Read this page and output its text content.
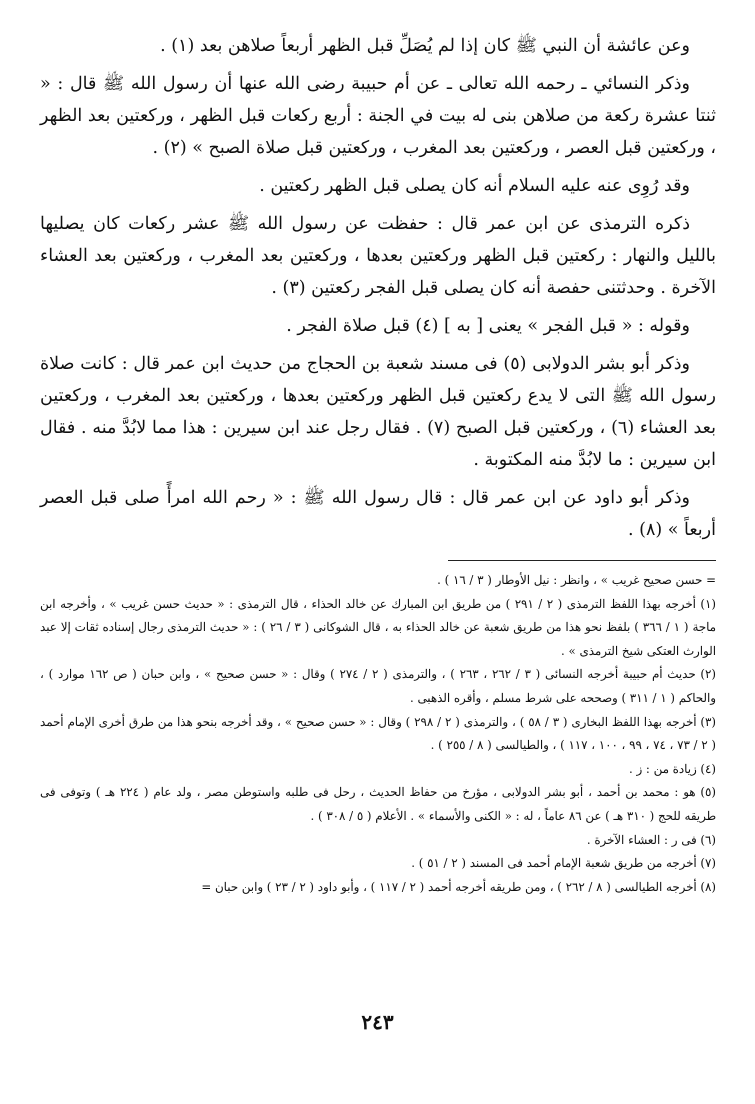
وعن عائشة أن النبي ﷺ كان إذا لم يُصَلِّ قبل الظهر أربعاً صلاهن بعد (١) .

وذكر النسائي ـ رحمه الله تعالى ـ عن أم حبيبة رضى الله عنها أن رسول الله ﷺ قال : « ثنتا عشرة ركعة من صلاهن بنى له بيت في الجنة : أربع ركعات قبل الظهر ، وركعتين بعد الظهر ، وركعتين قبل العصر ، وركعتين بعد المغرب ، وركعتين قبل صلاة الصبح » (٢) .

وقد رُوِى عنه عليه السلام أنه كان يصلى قبل الظهر ركعتين .

ذكره الترمذى عن ابن عمر قال : حفظت عن رسول الله ﷺ عشر ركعات كان يصليها بالليل والنهار : ركعتين قبل الظهر وركعتين بعدها ، وركعتين بعد المغرب ، وركعتين بعد العشاء الآخرة . وحدثتنى حفصة أنه كان يصلى قبل الفجر ركعتين (٣) .

وقوله : « قبل الفجر » يعنى [ به ] (٤) قبل صلاة الفجر .

وذكر أبو بشر الدولابى (٥) فى مسند شعبة بن الحجاج من حديث ابن عمر قال : كانت صلاة رسول الله ﷺ التى لا يدع ركعتين قبل الظهر وركعتين بعدها ، وركعتين بعد المغرب ، وركعتين بعد العشاء (٦) ، وركعتين قبل الصبح (٧) . فقال رجل عند ابن سيرين : هذا مما لابُدَّ منه . فقال ابن سيرين : ما لابُدَّ منه المكتوبة .

وذكر أبو داود عن ابن عمر قال : قال رسول الله ﷺ : « رحم الله امرأً صلى قبل العصر أربعاً » (٨) .

= حسن صحيح غريب » ، وانظر : نيل الأوطار ( ٣ / ١٦ ) .

(١) أخرجه بهذا اللفظ الترمذى ( ٢ / ٢٩١ ) من طريق ابن المبارك عن خالد الحذاء ، قال الترمذى : « حديث حسن غريب » ، وأخرجه ابن ماجة ( ١ / ٣٦٦ ) بلفظ نحو هذا من طريق شعبة عن خالد الحذاء به ، قال الشوكانى ( ٣ / ٢٦ ) : « حديث الترمذى رجال إسناده ثقات إلا عبد الوارث العتكى شيخ الترمذى » .

(٢) حديث أم حبيبة أخرجه النسائى ( ٣ / ٢٦٢ ، ٢٦٣ ) ، والترمذى ( ٢ / ٢٧٤ ) وقال : « حسن صحيح » ، وابن حبان ( ص ١٦٢ موارد ) ، والحاكم ( ١ / ٣١١ ) وصححه على شرط مسلم ، وأقره الذهبى .

(٣) أخرجه بهذا اللفظ البخارى ( ٣ / ٥٨ ) ، والترمذى ( ٢ / ٢٩٨ ) وقال : « حسن صحيح » ، وقد أخرجه بنحو هذا من طرق أخرى الإمام أحمد ( ٢ / ٧٣ ، ٧٤ ، ٩٩ ، ١٠٠ ، ١١٧ ) ، والطيالسى ( ٨ / ٢٥٥ ) .

(٤) زيادة من : ز .

(٥) هو : محمد بن أحمد ، أبو بشر الدولابى ، مؤرخ من حفاظ الحديث ، رحل فى طلبه واستوطن مصر ، ولد عام ( ٢٢٤ هـ ) وتوفى فى طريقه للحج ( ٣١٠ هـ ) عن ٨٦ عاماً ، له : « الكنى والأسماء » . الأعلام ( ٥ / ٣٠٨ ) .

(٦) فى ر : العشاء الآخرة .

(٧) أخرجه من طريق شعبة الإمام أحمد فى المسند ( ٢ / ٥١ ) .

(٨) أخرجه الطيالسى ( ٨ / ٢٦٢ ) ، ومن طريقه أخرجه أحمد ( ٢ / ١١٧ ) ، وأبو داود ( ٢ / ٢٣ ) وابن حبان =

٢٤٣
